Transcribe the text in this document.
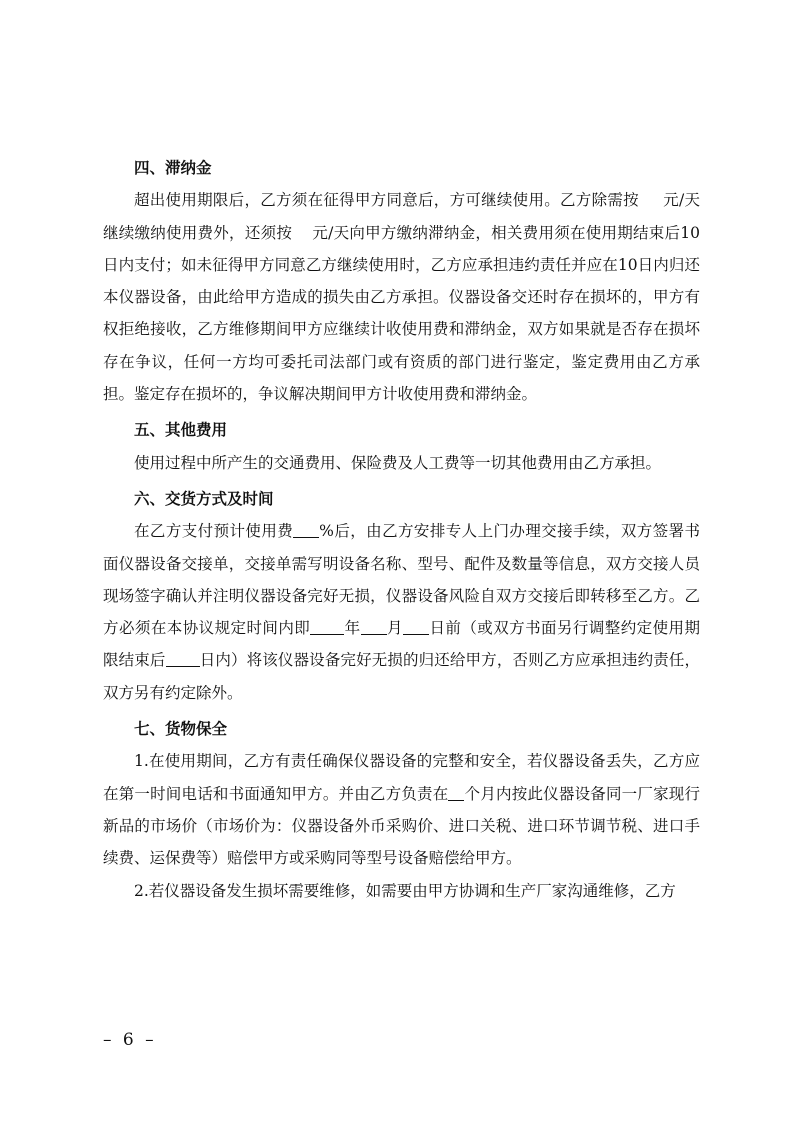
四、滞纳金

超出使用期限后，乙方须在征得甲方同意后，方可继续使用。乙方除需按 元/天继续缴纳使用费外，还须按 元/天向甲方缴纳滞纳金，相关费用须在使用期结束后10日内支付；如未征得甲方同意乙方继续使用时，乙方应承担违约责任并应在10日内归还本仪器设备，由此给甲方造成的损失由乙方承担。仪器设备交还时存在损坏的，甲方有权拒绝接收，乙方维修期间甲方应继续计收使用费和滞纳金，双方如果就是否存在损坏存在争议，任何一方均可委托司法部门或有资质的部门进行鉴定，鉴定费用由乙方承担。鉴定存在损坏的，争议解决期间甲方计收使用费和滞纳金。

五、其他费用

使用过程中所产生的交通费用、保险费及人工费等一切其他费用由乙方承担。

六、交货方式及时间

在乙方支付预计使用费 %后，由乙方安排专人上门办理交接手续，双方签署书面仪器设备交接单，交接单需写明设备名称、型号、配件及数量等信息，双方交接人员现场签字确认并注明仪器设备完好无损，仪器设备风险自双方交接后即转移至乙方。乙方必须在本协议规定时间内即 年 月 日前（或双方书面另行调整约定使用期限结束后 日内）将该仪器设备完好无损的归还给甲方，否则乙方应承担违约责任，双方另有约定除外。

七、货物保全

1.在使用期间，乙方有责任确保仪器设备的完整和安全，若仪器设备丢失，乙方应在第一时间电话和书面通知甲方。并由乙方负责在 个月内按此仪器设备同一厂家现行新品的市场价（市场价为：仪器设备外币采购价、进口关税、进口环节调节税、进口手续费、运保费等）赔偿甲方或采购同等型号设备赔偿给甲方。

2.若仪器设备发生损坏需要维修，如需要由甲方协调和生产厂家沟通维修，乙方

– 6 –
